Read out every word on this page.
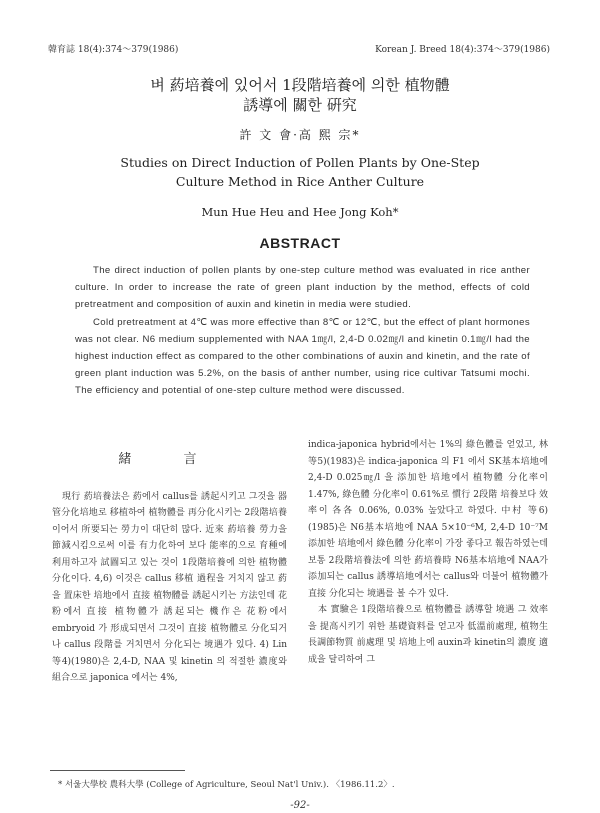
韓育誌 18(4):374〜379(1986)	Korean J. Breed 18(4):374〜379(1986)
벼 葯培養에 있어서 1段階培養에 의한 植物體
誘導에 關한 硏究
許 文 會·高 熙 宗*
Studies on Direct Induction of Pollen Plants by One-Step
Culture Method in Rice Anther Culture
Mun Hue Heu and Hee Jong Koh*
ABSTRACT

The direct induction of pollen plants by one-step culture method was evaluated in rice anther culture. In order to increase the rate of green plant induction by the method, effects of cold pretreatment and composition of auxin and kinetin in media were studied.

Cold pretreatment at 4℃ was more effective than 8℃ or 12℃, but the effect of plant hormones was not clear. N6 medium supplemented with NAA 1㎎/l, 2,4-D 0.02㎎/l and kinetin 0.1㎎/l had the highest induction effect as compared to the other combinations of auxin and kinetin, and the rate of green plant induction was 5.2%, on the basis of anther number, using rice cultivar Tatsumi mochi. The efficiency and potential of one-step culture method were discussed.

緒 言

現行 葯培養法은 葯에서 callus를 誘起시키고 그것을 器管分化培地로 移植하여 植物體를 再分化시키는 2段階培養이어서 所要되는 勞力이 대단히 많다. 近來 葯培養 勞力을 節減시킴으로써 이를 有力化하여 보다 能率的으로 育種에 利用하고자 試圖되고 있는 것이 1段階培養에 의한 植物體分化이다. 4,6) 이것은 callus 移植 過程을 거치지 않고 葯을 置床한 培地에서 直接 植物體를 誘起시키는 方法인데 花粉에서 直接 植物體가 誘起되는 機作은 花粉에서 embryoid 가 形成되면서 그것이 直接 植物體로 分化되거나 callus 段階를 거치면서 分化되는 境遇가 있다. 4) Lin 等4)(1980)은 2,4-D, NAA 및 kinetin 의 적절한 濃度와 組合으로 japonica 에서는 4%,

indica-japonica hybrid에서는 1%의 綠色體를 얻었고, 林等5)(1983)은 indica-japonica 의 F1 에서 SK基本培地에 2,4-D 0.025㎎/l 을 添加한 培地에서 植物體 分化率이 1.47%, 綠色體 分化率이 0.61%로 慣行 2段階 培養보다 效率이 各各 0.06%, 0.03% 높았다고 하였다. 中村 等6)(1985)은 N6基本培地에 NAA 5×10⁻⁶M, 2,4-D 10⁻⁷M 添加한 培地에서 綠色體 分化率이 가장 좋다고 報告하였는데 보통 2段階培養法에 의한 葯培養時 N6基本培地에 NAA가 添加되는 callus 誘導培地에서는 callus와 더불어 植物體가 直接 分化되는 境遇를 볼 수가 있다.

本 實驗은 1段階培養으로 植物體를 誘導할 境遇 그 效率을 提高시키기 위한 基礎資料를 얻고자 低溫前處理, 植物生長調節物質 前處理 및 培地上에 auxin과 kinetin의 濃度 適成을 달리하여 그

* 서울大學校 農科大學 (College of Agriculture, Seoul Nat'l Univ.). 〈1986.11.2〉.
-92-
